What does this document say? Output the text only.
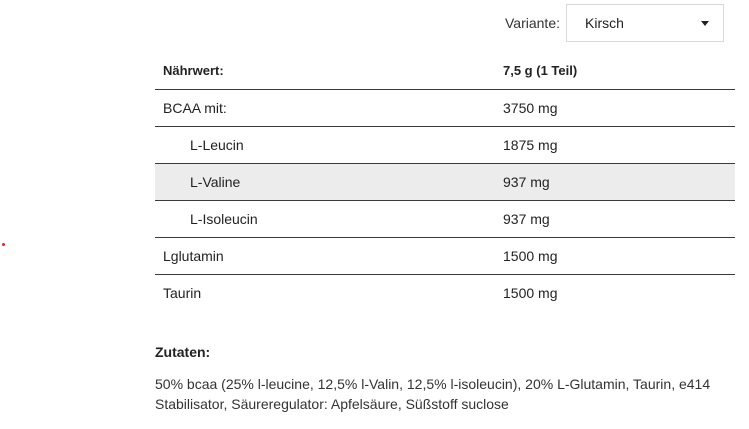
Variante: Kirsch
Nährwert:	7,5 g (1 Teil)
BCAA mit:	3750 mg
L-Leucin	1875 mg
L-Valine	937 mg
L-Isoleucin	937 mg
Lglutamin	1500 mg
Taurin	1500 mg
Zutaten:
50% bcaa (25% l-leucine, 12,5% l-Valin, 12,5% l-isoleucin), 20% L-Glutamin, Taurin, e414
Stabilisator, Säureregulator: Apfelsäure, Süßstoff suclose
